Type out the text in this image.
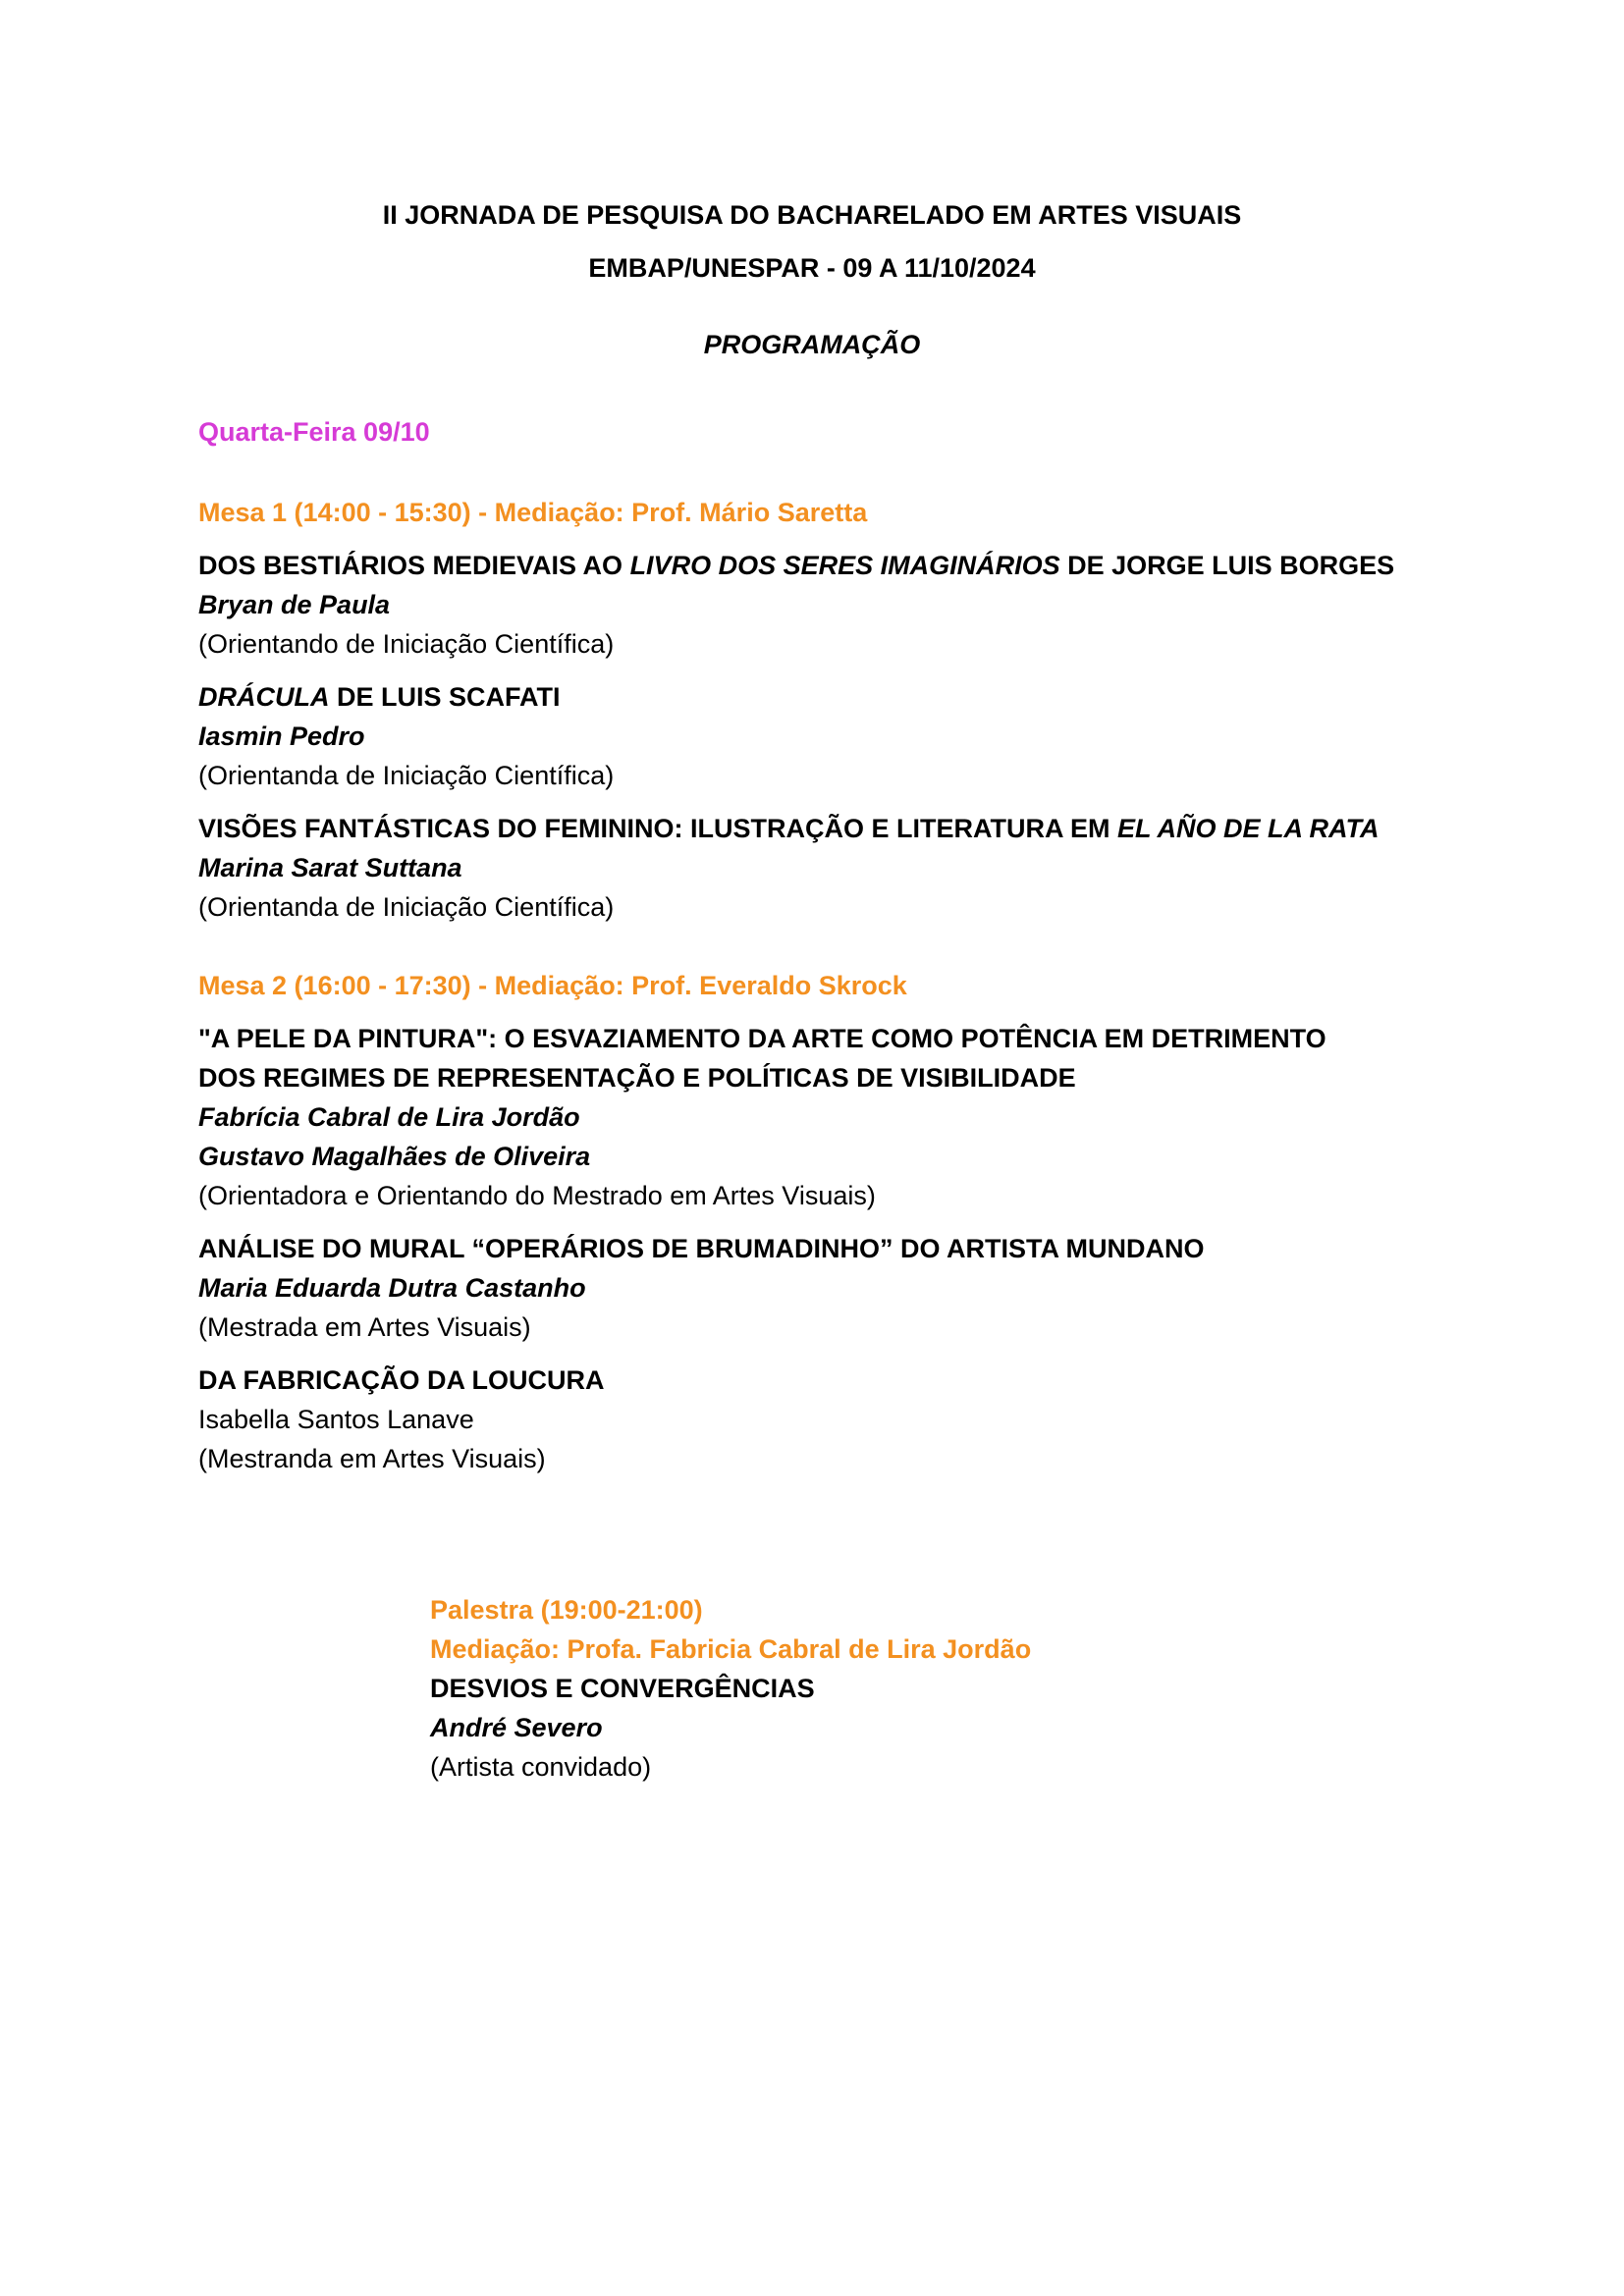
II JORNADA DE PESQUISA DO BACHARELADO EM ARTES VISUAIS
EMBAP/UNESPAR - 09 A 11/10/2024
PROGRAMAÇÃO
Quarta-Feira 09/10
Mesa 1 (14:00 - 15:30) - Mediação: Prof. Mário Saretta
DOS BESTIÁRIOS MEDIEVAIS AO LIVRO DOS SERES IMAGINÁRIOS DE JORGE LUIS BORGES
Bryan de Paula
(Orientando de Iniciação Científica)
DRÁCULA DE LUIS SCAFATI
Iasmin Pedro
(Orientanda de Iniciação Científica)
VISÕES FANTÁSTICAS DO FEMININO: ILUSTRAÇÃO E LITERATURA EM EL AÑO DE LA RATA
Marina Sarat Suttana
(Orientanda de Iniciação Científica)
Mesa 2 (16:00 - 17:30) - Mediação: Prof. Everaldo Skrock
"A PELE DA PINTURA": O ESVAZIAMENTO DA ARTE COMO POTÊNCIA EM DETRIMENTO
DOS REGIMES DE REPRESENTAÇÃO E POLÍTICAS DE VISIBILIDADE
Fabrícia Cabral de Lira Jordão
Gustavo Magalhães de Oliveira
(Orientadora e Orientando do Mestrado em Artes Visuais)
ANÁLISE DO MURAL “OPERÁRIOS DE BRUMADINHO” DO ARTISTA MUNDANO
Maria Eduarda Dutra Castanho
(Mestrada em Artes Visuais)
DA FABRICAÇÃO DA LOUCURA
Isabella Santos Lanave
(Mestranda em Artes Visuais)
Palestra (19:00-21:00)
Mediação: Profa. Fabricia Cabral de Lira Jordão
DESVIOS E CONVERGÊNCIAS
André Severo
(Artista convidado)
